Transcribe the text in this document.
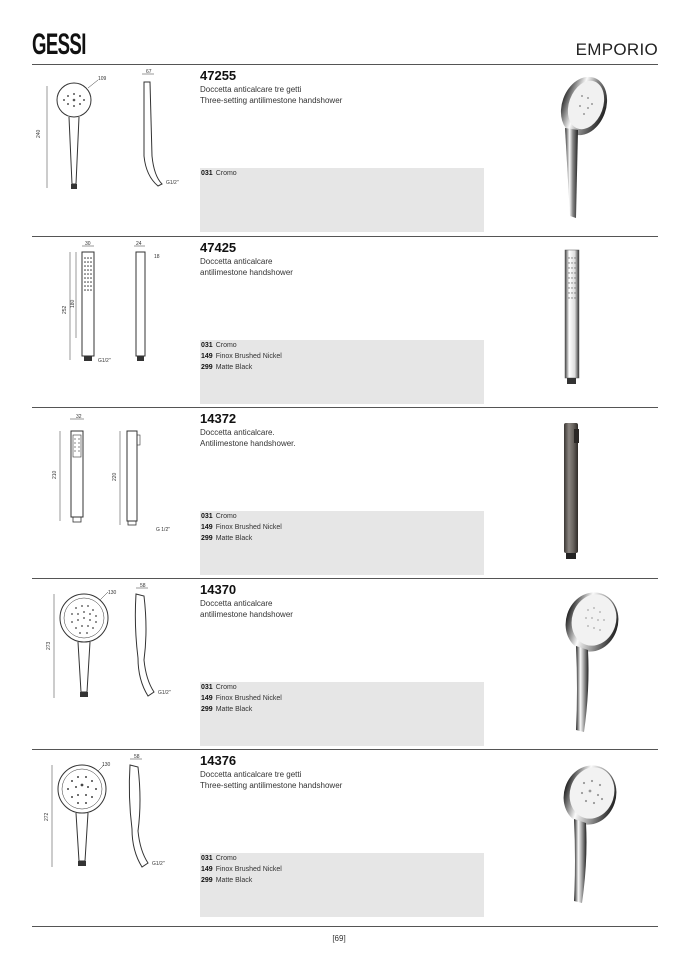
GESSI	EMPORIO
240
109
67
G1/2"
47255
Doccetta anticalcare tre getti
Three-setting antilimestone handshower
031 Cromo
30
252
180
G1/2"
24
18
47425
Doccetta anticalcare
antilimestone handshower
031 Cromo
149 Finox Brushed Nickel
299 Matte Black
32
210	220
G 1/2"
14372
Doccetta anticalcare.
Antilimestone handshower.
031 Cromo
149 Finox Brushed Nickel
299 Matte Black
273
130
58
G1/2"
14370
Doccetta anticalcare
antilimestone handshower
031 Cromo
149 Finox Brushed Nickel
299 Matte Black
272
130
58
G1/2"
14376
Doccetta anticalcare tre getti
Three-setting antilimestone handshower
031 Cromo
149 Finox Brushed Nickel
299 Matte Black
[69]
